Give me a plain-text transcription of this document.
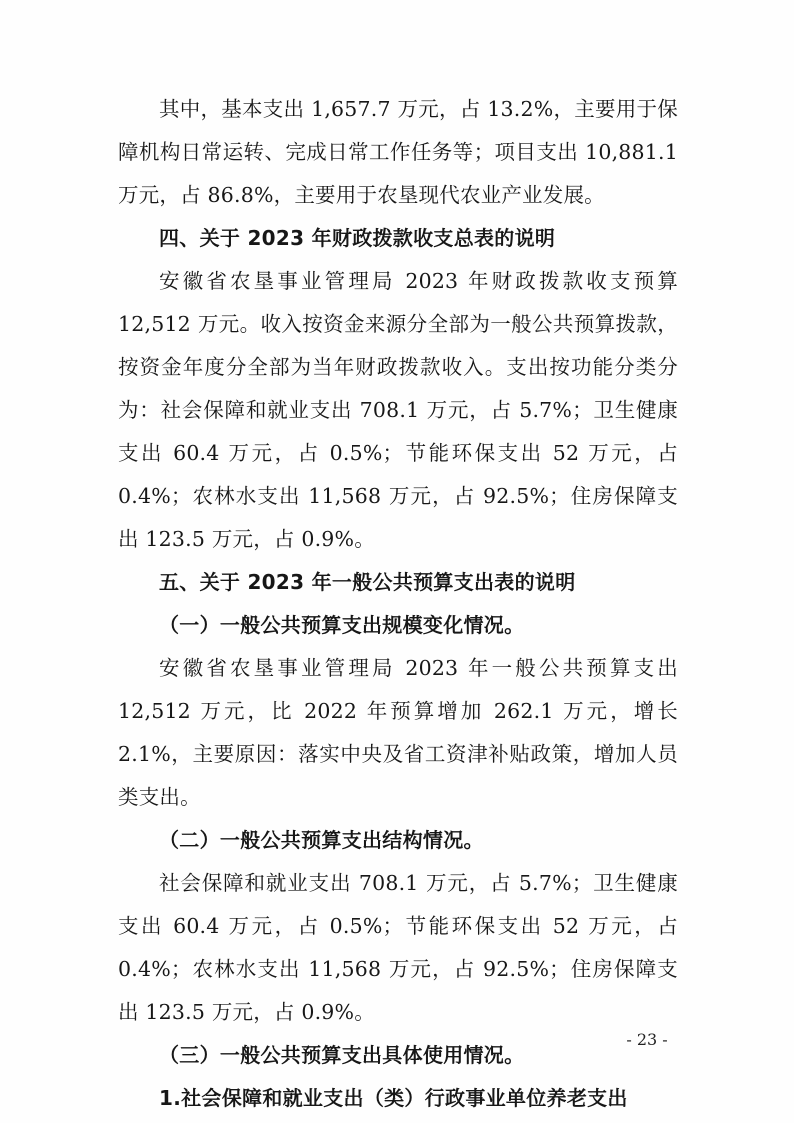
其中，基本支出 1,657.7 万元，占 13.2%，主要用于保障机构日常运转、完成日常工作任务等；项目支出 10,881.1 万元，占 86.8%，主要用于农垦现代农业产业发展。

四、关于 2023 年财政拨款收支总表的说明

安徽省农垦事业管理局 2023 年财政拨款收支预算 12,512 万元。收入按资金来源分全部为一般公共预算拨款，按资金年度分全部为当年财政拨款收入。支出按功能分类分为：社会保障和就业支出 708.1 万元，占 5.7%；卫生健康支出 60.4 万元，占 0.5%；节能环保支出 52 万元，占 0.4%；农林水支出 11,568 万元，占 92.5%；住房保障支出 123.5 万元，占 0.9%。

五、关于 2023 年一般公共预算支出表的说明

（一）一般公共预算支出规模变化情况。

安徽省农垦事业管理局 2023 年一般公共预算支出 12,512 万元，比 2022 年预算增加 262.1 万元，增长 2.1%，主要原因：落实中央及省工资津补贴政策，增加人员类支出。

（二）一般公共预算支出结构情况。

社会保障和就业支出 708.1 万元，占 5.7%；卫生健康支出 60.4 万元，占 0.5%；节能环保支出 52 万元，占 0.4%；农林水支出 11,568 万元，占 92.5%；住房保障支出 123.5 万元，占 0.9%。

（三）一般公共预算支出具体使用情况。

1.社会保障和就业支出（类）行政事业单位养老支出

- 23 -
